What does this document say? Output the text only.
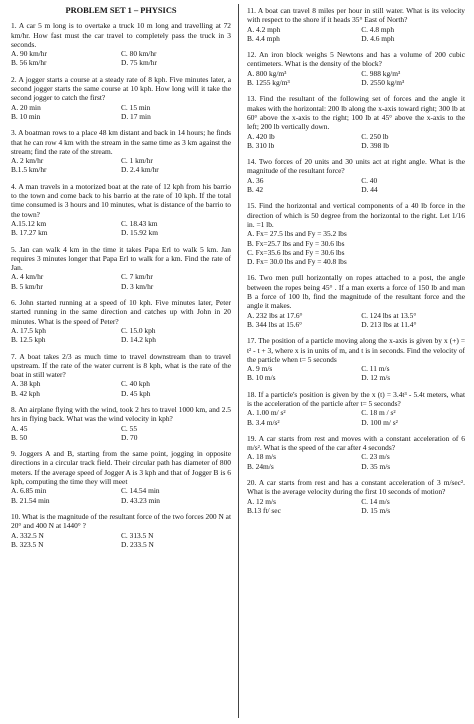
PROBLEM SET 1 – PHYSICS

1. A car 5 m long is to overtake a truck 10 m long and travelling at 72 km/hr. How fast must the car travel to completely pass the truck in 3 seconds.

A. 90 km/hr	C. 80 km/hr
B. 56 km/hr	D. 75 km/hr

2. A jogger starts a course at a steady rate of 8 kph. Five minutes later, a second jogger starts the same course at 10 kph. How long will it take the second jogger to catch the first?

A. 20 min	C. 15 min
B. 10 min	D. 17 min

3. A boatman rows to a place 48 km distant and back in 14 hours; he finds that he can row 4 km with the stream in the same time as 3 km against the stream; find the rate of the stream.

A. 2 km/hr	C. 1 km/hr
B.1.5 km/hr	D. 2.4 km/hr

4. A man travels in a motorized boat at the rate of 12 kph from his barrio to the town and come back to his barrio at the rate of 10 kph. If the total time consumed is 3 hours and 10 minutes, what is distance of the barrio to the town?

A.15.12 km	C. 18.43 km
B. 17.27 km	D. 15.92 km

5. Jan can walk 4 km in the time it takes Papa Erl to walk 5 km. Jan requires 3 minutes longer that Papa Erl to walk for a km. Find the rate of Jan.

A. 4 km/hr	C. 7 km/hr
B. 5 km/hr	D. 3 km/hr

6. John started running at a speed of 10 kph. Five minutes later, Peter started running in the same direction and catches up with John in 20 minutes. What is the speed of Peter?

A. 17.5 kph	C. 15.0 kph
B. 12.5 kph	D. 14.2 kph

7. A boat takes 2/3 as much time to travel downstream than to travel upstream. If the rate of the water current is 8 kph, what is the rate of the boat in still water?

A. 38 kph	C. 40 kph
B. 42 kph	D. 45 kph

8. An airplane flying with the wind, took 2 hrs to travel 1000 km, and 2.5 hrs in flying back. What was the wind velocity in kph?

A. 45	C. 55
B. 50	D. 70

9. Joggers A and B, starting from the same point, jogging in opposite directions in a circular track field. Their circular path has diameter of 800 meters. If the average speed of Jogger A is 3 kph and that of Jogger B is 6 kph, computing the time they will meet

A. 6.85 min	C. 14.54 min
B. 21.54 min	D. 43.23 min

10. What is the magnitude of the resultant force of the two forces 200 N at 20° and 400 N at 1440° ?

A. 332.5 N	C. 313.5 N
B. 323.5 N	D. 233.5 N

11. A boat can travel 8 miles per hour in still water. What is its velocity with respect to the shore if it heads 35° East of North?

A. 4.2 mph	C. 4.8 mph
B. 4.4 mph	D. 4.6 mph

12. An iron block weighs 5 Newtons and has a volume of 200 cubic centimeters. What is the density of the block?

A. 800 kg/m³	C. 988 kg/m³
B. 1255 kg/m³	D. 2550 kg/m³

13. Find the resultant of the following set of forces and the angle it makes with the horizontal: 200 lb along the x-axis toward right; 300 lb at 60° above the x-axis to the right; 100 lb at 45° above the x-axis to the left; 200 lb vertically down.

A. 420 lb	C. 250 lb
B. 310 lb	D. 398 lb

14. Two forces of 20 units and 30 units act at right angle. What is the magnitude of the resultant force?

A. 36	C. 40
B. 42	D. 44

15. Find the horizontal and vertical components of a 40 lb force in the direction of which is 50 degree from the horizontal to the right. Let 1/16 in. =1 lb.

A. Fx= 27.5 lbs and Fy = 35.2 lbs
B. Fx=25.7 lbs and Fy = 30.6 lbs
C. Fx=35.6 lbs and Fy = 30.6 lbs
D. Fx= 30.0 lbs and Fy = 40.8 lbs

16. Two men pull horizontally on ropes attached to a post, the angle between the ropes being 45° . If a man exerts a force of 150 lb and man B a force of 100 lb, find the magnitude of the resultant force and the angle it makes.

A. 232 lbs at 17.6°	C. 124 lbs at 13.5°
B. 344 lbs at 15.6°	D. 213 lbs at 11.4°

17. The position of a particle moving along the x-axis is given by x (+) = t² - t + 3, where x is in units of m, and t is in seconds. Find the velocity of the particle when t= 5 seconds

A. 9 m/s	C. 11 m/s
B. 10 m/s	D. 12 m/s

18. If a particle's position is given by the x (t) = 3.4t³ - 5.4t meters, what is the acceleration of the particle after t= 5 seconds?

A. 1.00 m/ s²	C. 18 m / s²
B. 3.4 m/s²	D. 100 m/ s²

19. A car starts from rest and moves with a constant acceleration of 6 m/s². What is the speed of the car after 4 seconds?

A. 18 m/s	C. 23 m/s
B. 24m/s	D. 35 m/s

20. A car starts from rest and has a constant acceleration of 3 m/sec². What is the average velocity during the first 10 seconds of motion?

A. 12 m/s	C. 14 m/s
B.13 ft/ sec	D. 15 m/s
